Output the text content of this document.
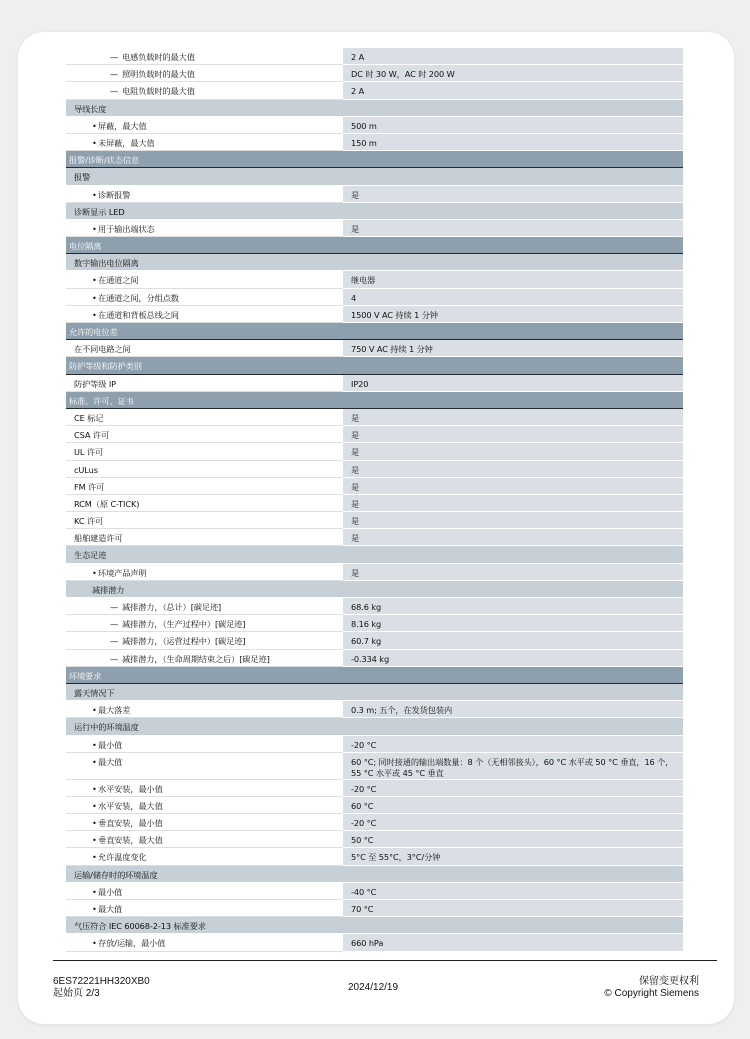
— 电感负载时的最大值	2 A
— 照明负载时的最大值	DC 时 30 W，AC 时 200 W
— 电阻负载时的最大值	2 A
导线长度
•屏蔽，最大值	500 m
•未屏蔽，最大值	150 m
报警/诊断/状态信息
报警
•诊断报警	是
诊断显示 LED
•用于输出端状态	是
电位隔离
数字输出电位隔离
•在通道之间	继电器
•在通道之间，分组点数	4
•在通道和背板总线之间	1500 V AC 持续 1 分钟
允许的电位差
在不同电路之间	750 V AC 持续 1 分钟
防护等级和防护类别
防护等级 IP	IP20
标准、许可、证书
CE 标记	是
CSA 许可	是
UL 许可	是
cULus	是
FM 许可	是
RCM（原 C-TICK)	是
KC 许可	是
船舶建造许可	是
生态足迹
•环境产品声明	是
减排潜力
— 减排潜力，（总计）[碳足迹]	68.6 kg
— 减排潜力，（生产过程中）[碳足迹]	8.16 kg
— 减排潜力，（运营过程中）[碳足迹]	60.7 kg
— 减排潜力，（生命周期结束之后）[碳足迹]	-0.334 kg
环境要求
露天情况下
•最大落差	0.3 m; 五个，在发货包装内
运行中的环境温度
•最小值	-20 °C
•最大值	60 °C; 同时接通的输出端数量：8 个（无相邻接头），60 °C 水平或 50 °C 垂直，16 个，55 °C 水平或 45 °C 垂直
•水平安装，最小值	-20 °C
•水平安装，最大值	60 °C
•垂直安装，最小值	-20 °C
•垂直安装，最大值	50 °C
•允许温度变化	5°C 至 55°C，3°C/分钟
运输/储存时的环境温度
•最小值	-40 °C
•最大值	70 °C
气压符合 IEC 60068-2-13 标准要求
•存放/运输，最小值	660 hPa
6ES72221HH320XB0
起始页 2/3
2024/12/19
保留变更权利
© Copyright Siemens
